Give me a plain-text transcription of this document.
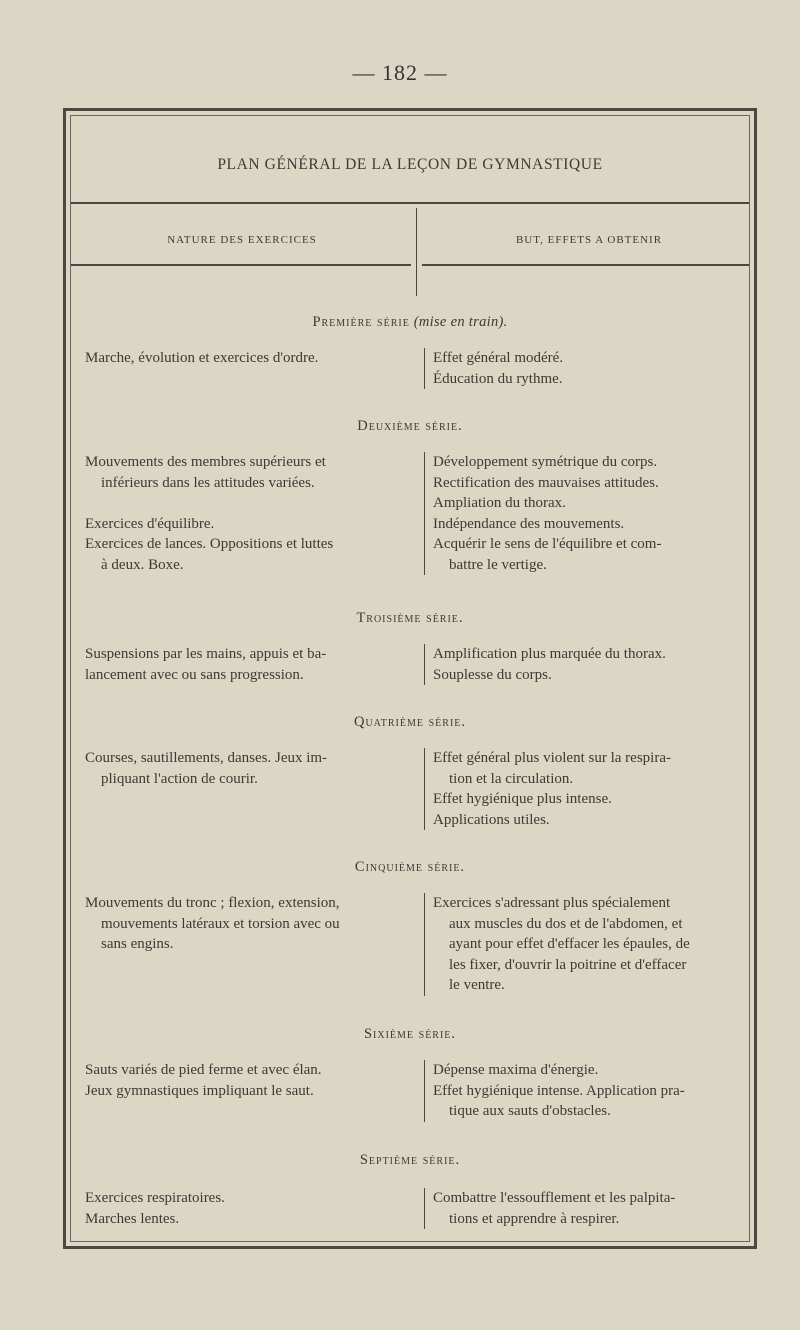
— 182 —
PLAN GÉNÉRAL DE LA LEÇON DE GYMNASTIQUE
NATURE DES EXERCICES	BUT, EFFETS A OBTENIR
Première série (mise en train).
Marche, évolution et exercices d'ordre.	Effet général modéré.
Éducation du rythme.
Deuxième série.
Mouvements des membres supérieurs et
inférieurs dans les attitudes variées.
Exercices d'équilibre.
Exercices de lances. Oppositions et luttes
à deux. Boxe.
Développement symétrique du corps.
Rectification des mauvaises attitudes.
Ampliation du thorax.
Indépendance des mouvements.
Acquérir le sens de l'équilibre et com-
battre le vertige.
Troisième série.
Suspensions par les mains, appuis et ba-
lancement avec ou sans progression.
Amplification plus marquée du thorax.
Souplesse du corps.
Quatrième série.
Courses, sautillements, danses. Jeux im-
pliquant l'action de courir.
Effet général plus violent sur la respira-
tion et la circulation.
Effet hygiénique plus intense.
Applications utiles.
Cinquième série.
Mouvements du tronc ; flexion, extension,
mouvements latéraux et torsion avec ou
sans engins.
Exercices s'adressant plus spécialement
aux muscles du dos et de l'abdomen, et
ayant pour effet d'effacer les épaules, de
les fixer, d'ouvrir la poitrine et d'effacer
le ventre.
Sixième série.
Sauts variés de pied ferme et avec élan.
Jeux gymnastiques impliquant le saut.
Dépense maxima d'énergie.
Effet hygiénique intense. Application pra-
tique aux sauts d'obstacles.
Septième série.
Exercices respiratoires.
Marches lentes.
Combattre l'essoufflement et les palpita-
tions et apprendre à respirer.
